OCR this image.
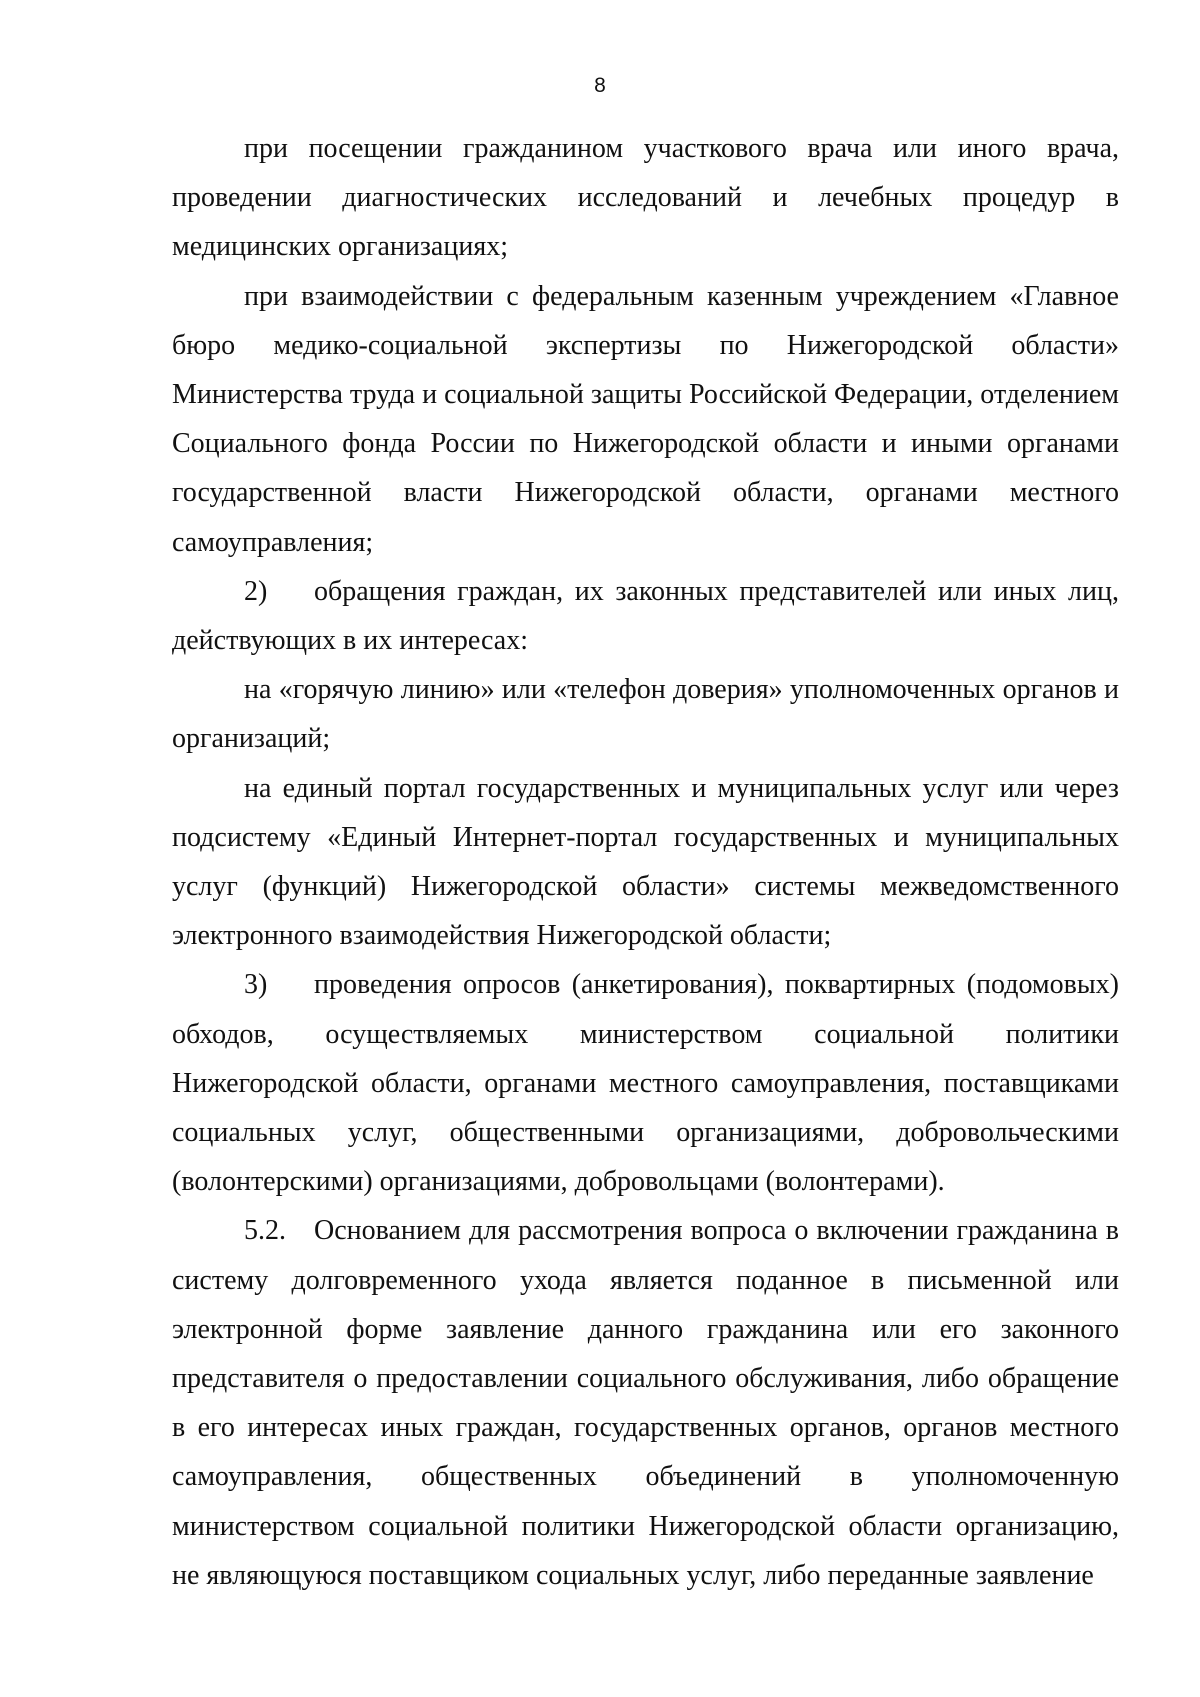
8

при посещении гражданином участкового врача или иного врача, проведении диагностических исследований и лечебных процедур в медицинских организациях;

при взаимодействии с федеральным казенным учреждением «Главное бюро медико-социальной экспертизы по Нижегородской области» Министерства труда и социальной защиты Российской Федерации, отделением Социального фонда России по Нижегородской области и иными органами государственной власти Нижегородской области, органами местного самоуправления;

2) обращения граждан, их законных представителей или иных лиц, действующих в их интересах:

на «горячую линию» или «телефон доверия» уполномоченных органов и организаций;

на единый портал государственных и муниципальных услуг или через подсистему «Единый Интернет-портал государственных и муниципальных услуг (функций) Нижегородской области» системы межведомственного электронного взаимодействия Нижегородской области;

3) проведения опросов (анкетирования), поквартирных (подомовых) обходов, осуществляемых министерством социальной политики Нижегородской области, органами местного самоуправления, поставщиками социальных услуг, общественными организациями, добровольческими (волонтерскими) организациями, добровольцами (волонтерами).

5.2. Основанием для рассмотрения вопроса о включении гражданина в систему долговременного ухода является поданное в письменной или электронной форме заявление данного гражданина или его законного представителя о предоставлении социального обслуживания, либо обращение в его интересах иных граждан, государственных органов, органов местного самоуправления, общественных объединений в уполномоченную министерством социальной политики Нижегородской области организацию, не являющуюся поставщиком социальных услуг, либо переданные заявление
